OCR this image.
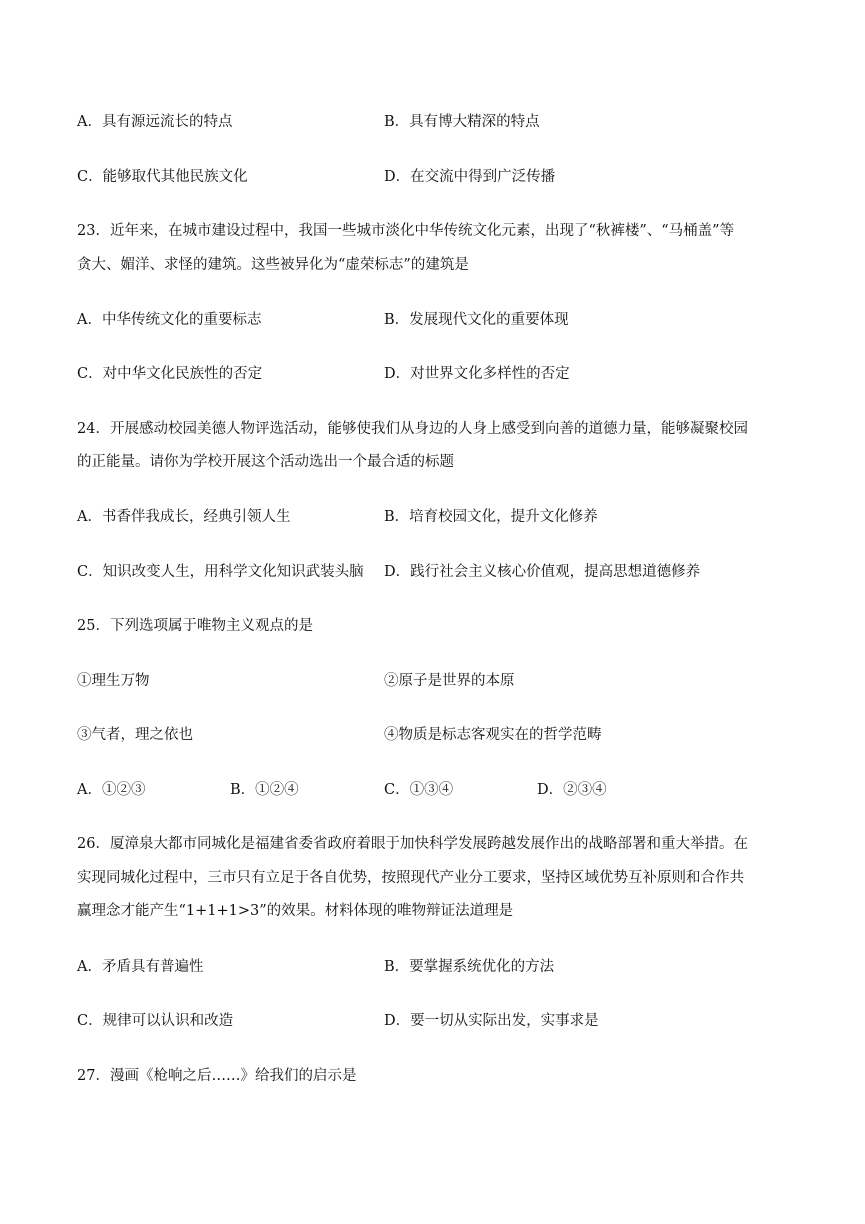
A．具有源远流长的特点	B．具有博大精深的特点
C．能够取代其他民族文化	D．在交流中得到广泛传播
23．近年来，在城市建设过程中，我国一些城市淡化中华传统文化元素，出现了“秋裤楼”、“马桶盖”等
贪大、媚洋、求怪的建筑。这些被异化为“虚荣标志”的建筑是
A．中华传统文化的重要标志	B．发展现代文化的重要体现
C．对中华文化民族性的否定	D．对世界文化多样性的否定
24．开展感动校园美德人物评选活动，能够使我们从身边的人身上感受到向善的道德力量，能够凝聚校园
的正能量。请你为学校开展这个活动选出一个最合适的标题
A．书香伴我成长，经典引领人生	B．培育校园文化，提升文化修养
C．知识改变人生，用科学文化知识武装头脑 D．践行社会主义核心价值观，提高思想道德修养
25．下列选项属于唯物主义观点的是
①理生万物	②原子是世界的本原
③气者，理之依也	④物质是标志客观实在的哲学范畴
A．①②③	B．①②④	C．①③④	D．②③④
26．厦漳泉大都市同城化是福建省委省政府着眼于加快科学发展跨越发展作出的战略部署和重大举措。在
实现同城化过程中，三市只有立足于各自优势，按照现代产业分工要求，坚持区域优势互补原则和合作共
赢理念才能产生“1+1+1>3”的效果。材料体现的唯物辩证法道理是
A．矛盾具有普遍性	B．要掌握系统优化的方法
C．规律可以认识和改造	D．要一切从实际出发，实事求是
27．漫画《枪响之后……》给我们的启示是
